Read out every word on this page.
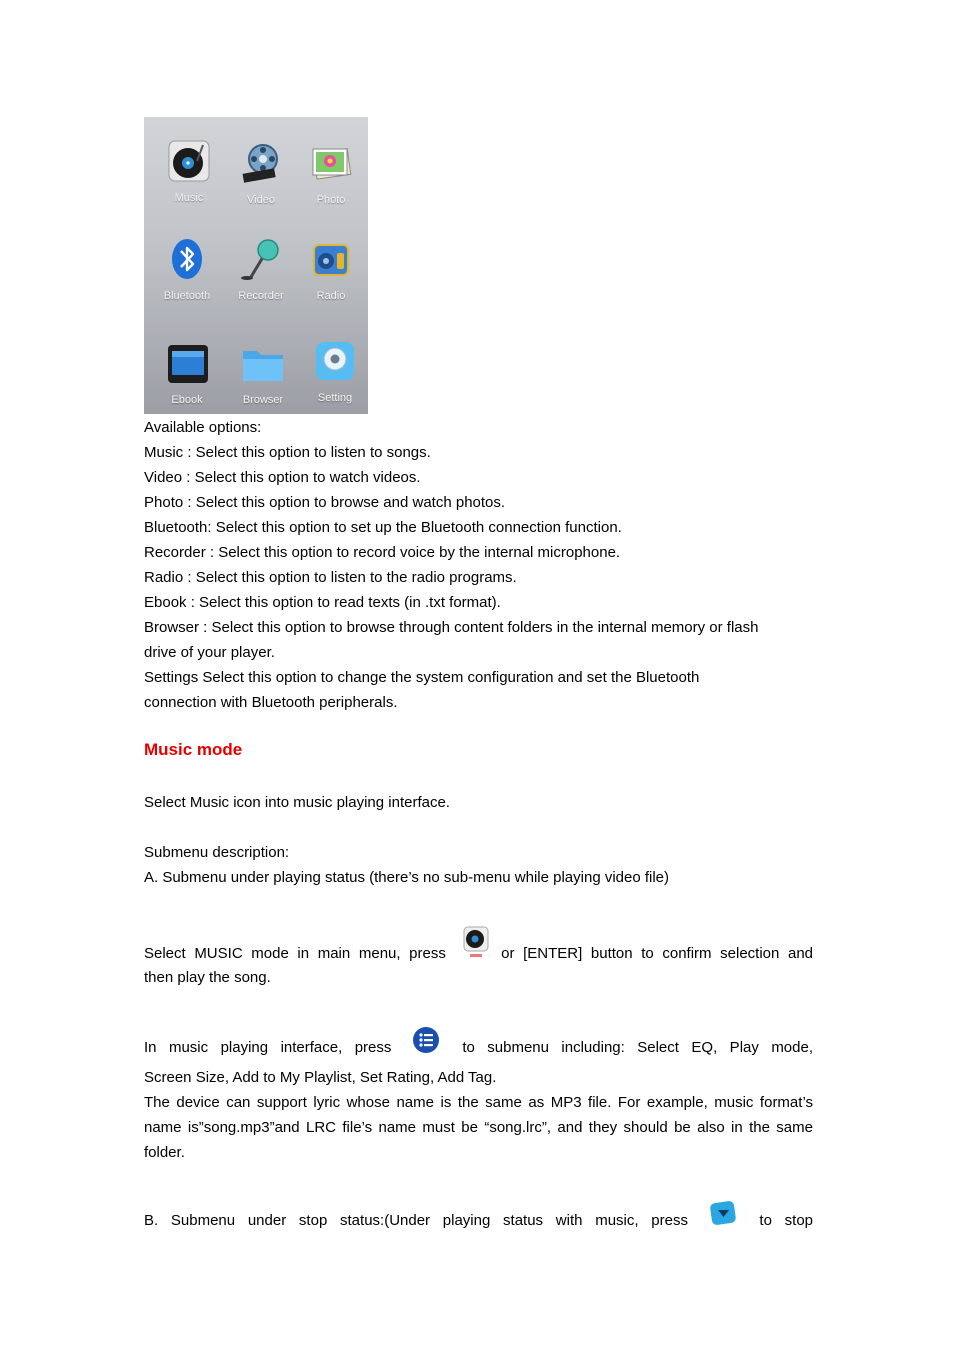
Music	Video	Photo
Bluetooth	Recorder	Radio
Ebook	Browser	Setting
Available options:
Music : Select this option to listen to songs.
Video : Select this option to watch videos.
Photo : Select this option to browse and watch photos.
Bluetooth: Select this option to set up the Bluetooth connection function.
Recorder : Select this option to record voice by the internal microphone.
Radio : Select this option to listen to the radio programs.
Ebook : Select this option to read texts (in .txt format).
Browser : Select this option to browse through content folders in the internal memory or flash
drive of your player.
Settings Select this option to change the system configuration and set the Bluetooth
connection with Bluetooth peripherals.
Music mode
Select Music icon into music playing interface.
Submenu description:
A. Submenu under playing status (there’s no sub-menu while playing video file)
Select MUSIC mode in main menu, press	or [ENTER] button to confirm selection and
then play the song.
In music playing interface, press	to submenu including: Select EQ, Play mode,
Screen Size, Add to My Playlist, Set Rating, Add Tag.
The device can support lyric whose name is the same as MP3 file. For example, music format’s name is”song.mp3”and LRC file’s name must be “song.lrc”, and they should be also in the same folder.
B. Submenu under stop status:(Under playing status with music, press	to stop
